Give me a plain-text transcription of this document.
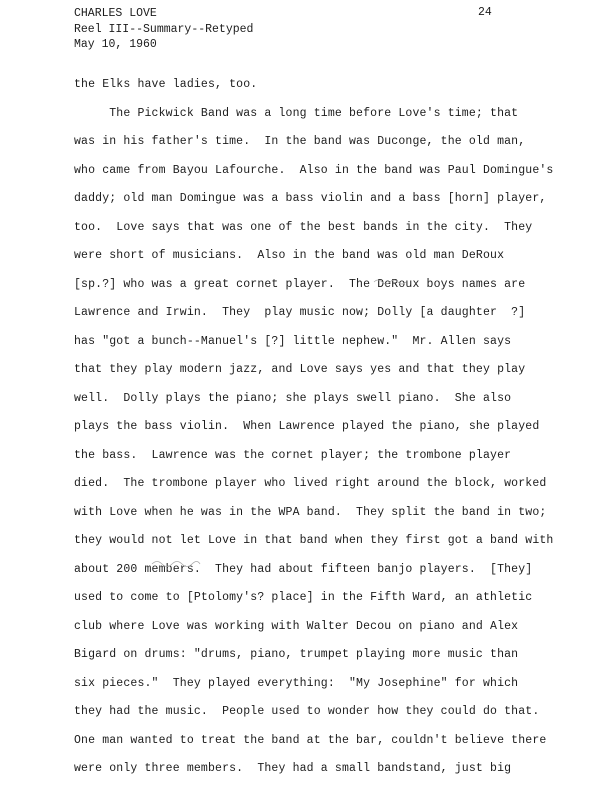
CHARLES LOVE
Reel III--Summary--Retyped
May 10, 1960
24
the Elks have ladies, too.
The Pickwick Band was a long time before Love's time; that
was in his father's time.  In the band was Duconge, the old man,
who came from Bayou Lafourche.  Also in the band was Paul Domingue's
daddy; old man Domingue was a bass violin and a bass [horn] player,
too.  Love says that was one of the best bands in the city.  They
were short of musicians.  Also in the band was old man DeRoux
[sp.?] who was a great cornet player.  The DeRoux boys names are
Lawrence and Irwin.  They  play music now; Dolly [a daughter  ?]
has "got a bunch--Manuel's [?] little nephew."  Mr. Allen says
that they play modern jazz, and Love says yes and that they play
well.  Dolly plays the piano; she plays swell piano.  She also
plays the bass violin.  When Lawrence played the piano, she played
the bass.  Lawrence was the cornet player; the trombone player
died.  The trombone player who lived right around the block, worked
with Love when he was in the WPA band.  They split the band in two;
they would not let Love in that band when they first got a band with
about 200 members.  They had about fifteen banjo players.  [They]
used to come to [Ptolomy's? place] in the Fifth Ward, an athletic
club where Love was working with Walter Decou on piano and Alex
Bigard on drums: "drums, piano, trumpet playing more music than
six pieces."  They played everything:  "My Josephine" for which
they had the music.  People used to wonder how they could do that.
One man wanted to treat the band at the bar, couldn't believe there
were only three members.  They had a small bandstand, just big
